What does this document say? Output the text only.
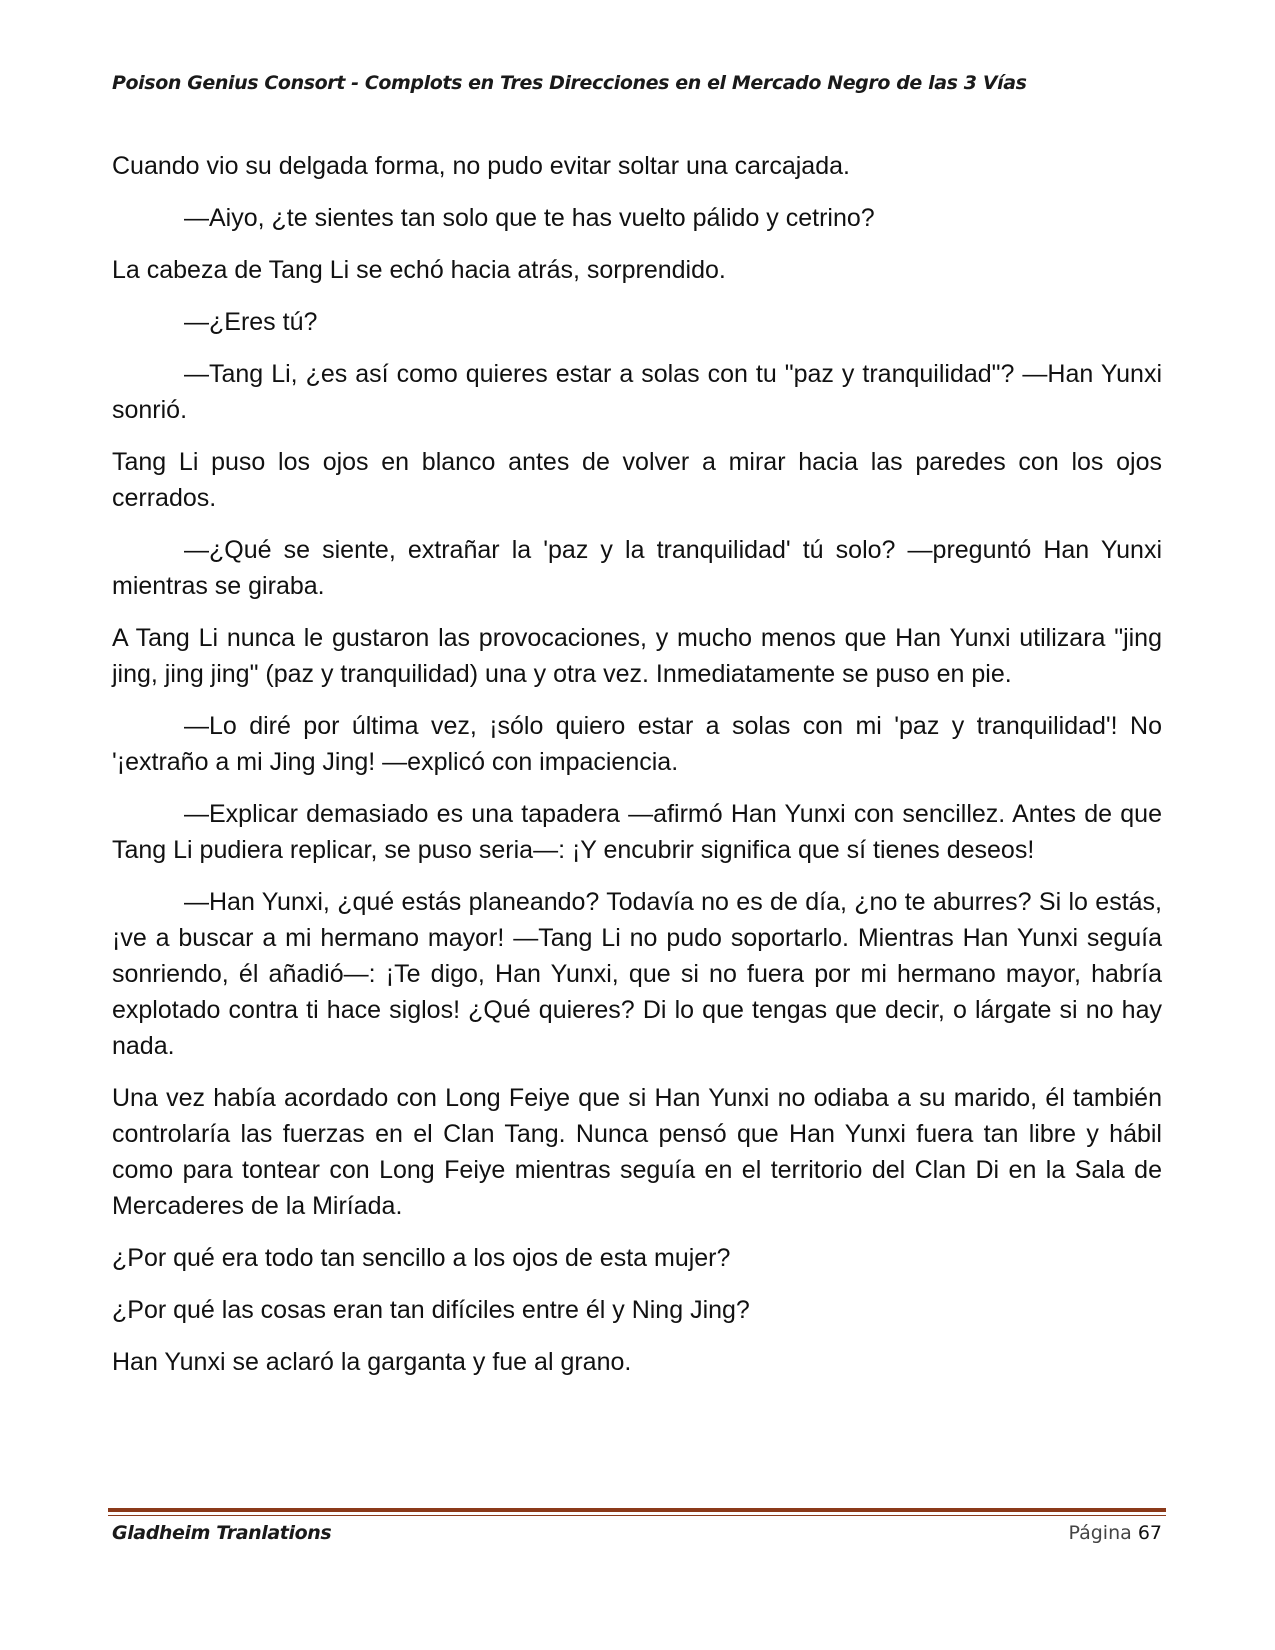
Poison Genius Consort - Complots en Tres Direcciones en el Mercado Negro de las 3 Vías

Cuando vio su delgada forma, no pudo evitar soltar una carcajada.

—Aiyo, ¿te sientes tan solo que te has vuelto pálido y cetrino?

La cabeza de Tang Li se echó hacia atrás, sorprendido.

—¿Eres tú?

—Tang Li, ¿es así como quieres estar a solas con tu "paz y tranquilidad"? —Han Yunxi sonrió.

Tang Li puso los ojos en blanco antes de volver a mirar hacia las paredes con los ojos cerrados.

—¿Qué se siente, extrañar la 'paz y la tranquilidad' tú solo? —preguntó Han Yunxi mientras se giraba.

A Tang Li nunca le gustaron las provocaciones, y mucho menos que Han Yunxi utilizara "jing jing, jing jing" (paz y tranquilidad) una y otra vez. Inmediatamente se puso en pie.

—Lo diré por última vez, ¡sólo quiero estar a solas con mi 'paz y tranquilidad'! No '¡extraño a mi Jing Jing! —explicó con impaciencia.

—Explicar demasiado es una tapadera —afirmó Han Yunxi con sencillez. Antes de que Tang Li pudiera replicar, se puso seria—: ¡Y encubrir significa que sí tienes deseos!

—Han Yunxi, ¿qué estás planeando? Todavía no es de día, ¿no te aburres? Si lo estás, ¡ve a buscar a mi hermano mayor! —Tang Li no pudo soportarlo. Mientras Han Yunxi seguía sonriendo, él añadió—: ¡Te digo, Han Yunxi, que si no fuera por mi hermano mayor, habría explotado contra ti hace siglos! ¿Qué quieres? Di lo que tengas que decir, o lárgate si no hay nada.

Una vez había acordado con Long Feiye que si Han Yunxi no odiaba a su marido, él también controlaría las fuerzas en el Clan Tang. Nunca pensó que Han Yunxi fuera tan libre y hábil como para tontear con Long Feiye mientras seguía en el territorio del Clan Di en la Sala de Mercaderes de la Miríada.

¿Por qué era todo tan sencillo a los ojos de esta mujer?

¿Por qué las cosas eran tan difíciles entre él y Ning Jing?

Han Yunxi se aclaró la garganta y fue al grano.

Gladheim Tranlations	Página 67
